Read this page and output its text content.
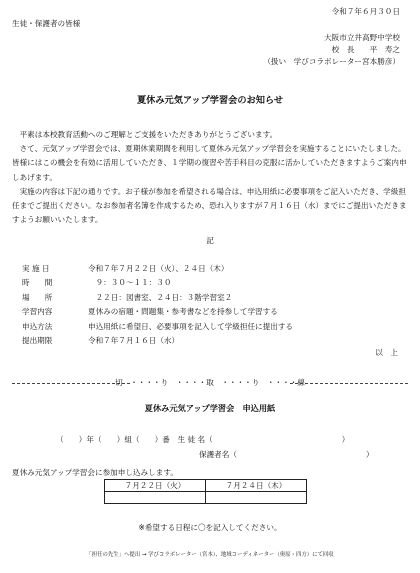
令和７年６月３０日
生徒・保護者の皆様
大阪市立井高野中学校
校　長　　平　寿之
（扱い　学びコラボレーター宮本勝彦）
夏休み元気アップ学習会のお知らせ

　平素は本校教育活動へのご理解とご支援をいただきありがとうございます。

　さて、元気アップ学習会では、夏期休業期間を利用して夏休み元気アップ学習会を実施することにいたしました。皆様にはこの機会を有効に活用していただき、１学期の復習や苦手科目の克服に活かしていただきますようご案内申しあげます。

　実施の内容は下記の通りです。お子様が参加を希望される場合は、申込用紙に必要事項をご記入いただき、学級担任までご提出ください。なお参加者名簿を作成するため、恐れ入りますが７月１６日（水）までにご提出いただきますようお願いいたします。

記
実 施 日	令和７年７月２２日（火）、２４日（木）
時　　間	　９：３０～１１：３０
場　　所	　２２日：図書室、２４日：３階学習室２
学習内容	夏休みの宿題・問題集・参考書などを持参して学習する
申込方法	申込用紙に希望日、必要事項を記入して学級担任に提出する
提出期限	令和７年７月１６日（水）
以　上
切　・・・・り　・・・・取　・・・・り　・・・・線
夏休み元気アップ学習会　申込用紙
（　　）年（　　）組（　　）番　生 徒 名（　　　　　　　　　　　　　　　　　）
保護者名（　　　　　　　　　　　　　　　　　）
夏休み元気アップ学習会に参加申し込みします。
７月２２日（火）	７月２４日（木）

※希望する日程に〇を記入してください。
「担任の先生」へ提出 → 学びコラボレーター（宮本）、地域コーディネーター（奥原・四方）にて回収
